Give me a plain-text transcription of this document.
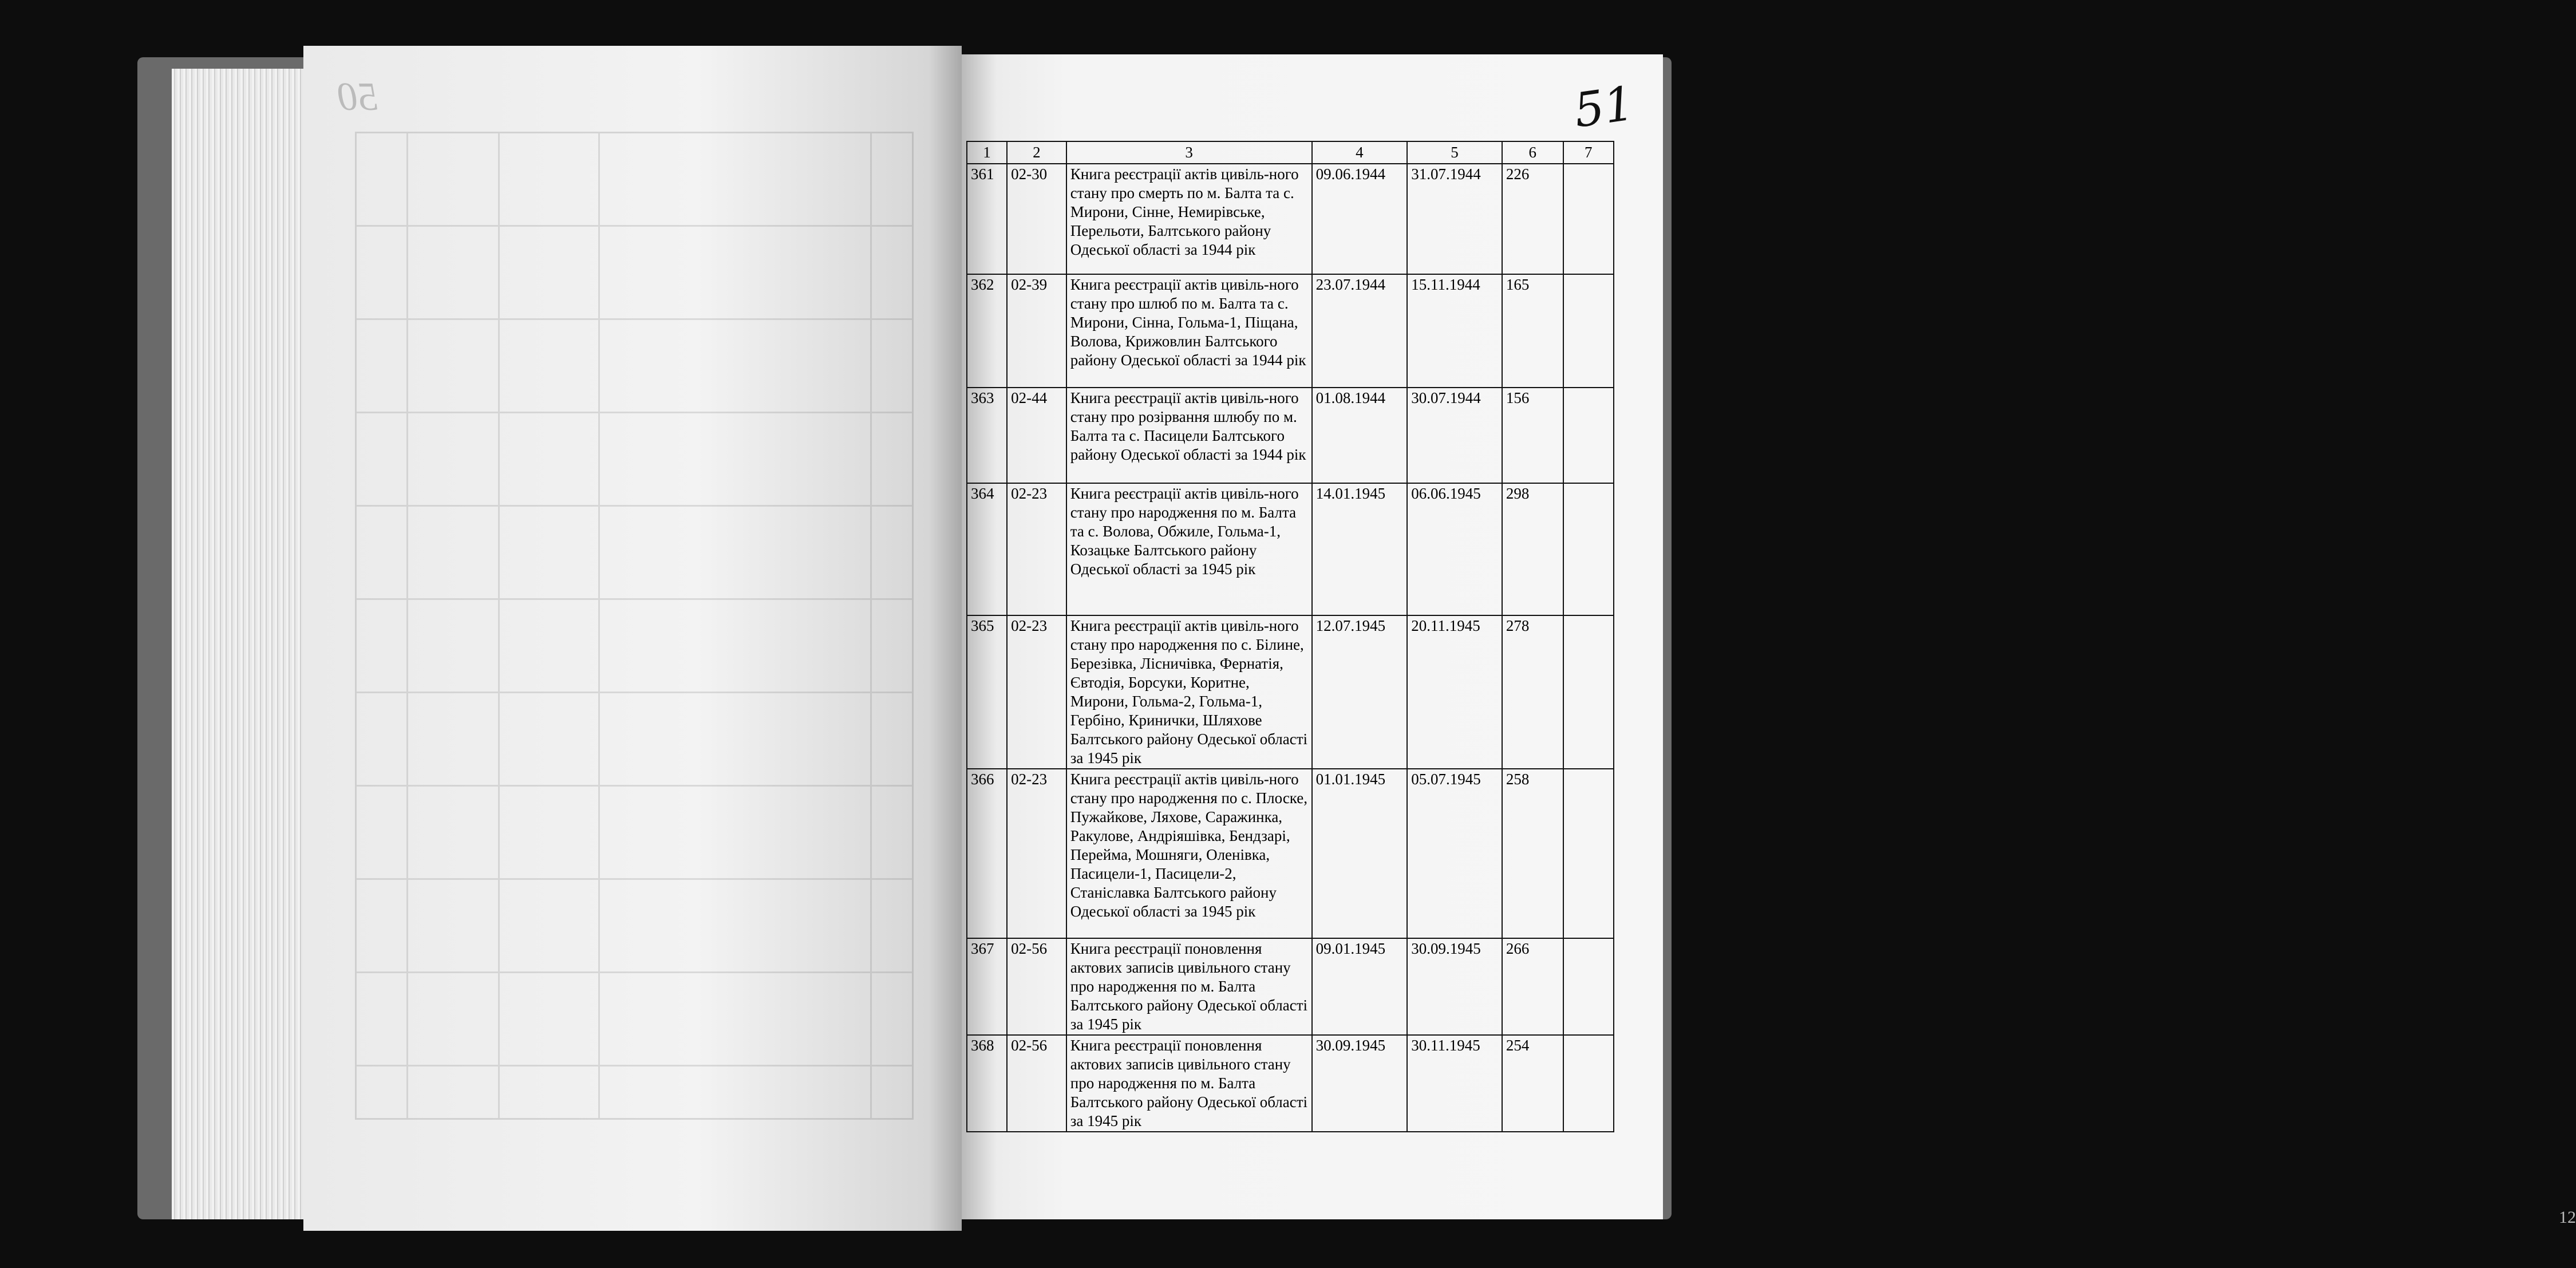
50
12
51
1	2	3	4	5	6	7
361	02-30	Книга реєстрації актів цивіль-ного стану про смерть по м. Балта та с. Мирони, Сінне, Немирівське, Перельоти, Балтського району Одеської області за 1944 рік	09.06.1944	31.07.1944	226	
362	02-39	Книга реєстрації актів цивіль-ного стану про шлюб по м. Балта та с. Мирони, Сінна, Гольма-1, Піщана, Волова, Крижовлин Балтського району Одеської області за 1944 рік	23.07.1944	15.11.1944	165	
363	02-44	Книга реєстрації актів цивіль-ного стану про розірвання шлюбу по м. Балта та с. Пасицели Балтського району Одеської області за 1944 рік	01.08.1944	30.07.1944	156	
364	02-23	Книга реєстрації актів цивіль-ного стану про народження по м. Балта та с. Волова, Обжиле, Гольма-1, Козацьке Балтського району Одеської області за 1945 рік	14.01.1945	06.06.1945	298	
365	02-23	Книга реєстрації актів цивіль-ного стану про народження по с. Білине, Березівка, Лісничівка, Фернатія, Євтодія, Борсуки, Коритне, Мирони, Гольма-2, Гольма-1, Гербіно, Кринички, Шляхове Балтського району Одеської області за 1945 рік	12.07.1945	20.11.1945	278	
366	02-23	Книга реєстрації актів цивіль-ного стану про народження по с. Плоске, Пужайкове, Ляхове, Саражинка, Ракулове, Андріяшівка, Бендзарі, Перейма, Мошняги, Оленівка, Пасицели-1, Пасицели-2, Станіславка Балтського району Одеської області за 1945 рік	01.01.1945	05.07.1945	258	
367	02-56	Книга реєстрації поновлення актових записів цивільного стану про народження по м. Балта Балтського району Одеської області за 1945 рік	09.01.1945	30.09.1945	266	
368	02-56	Книга реєстрації поновлення актових записів цивільного стану про народження по м. Балта Балтського району Одеської області за 1945 рік	30.09.1945	30.11.1945	254	
